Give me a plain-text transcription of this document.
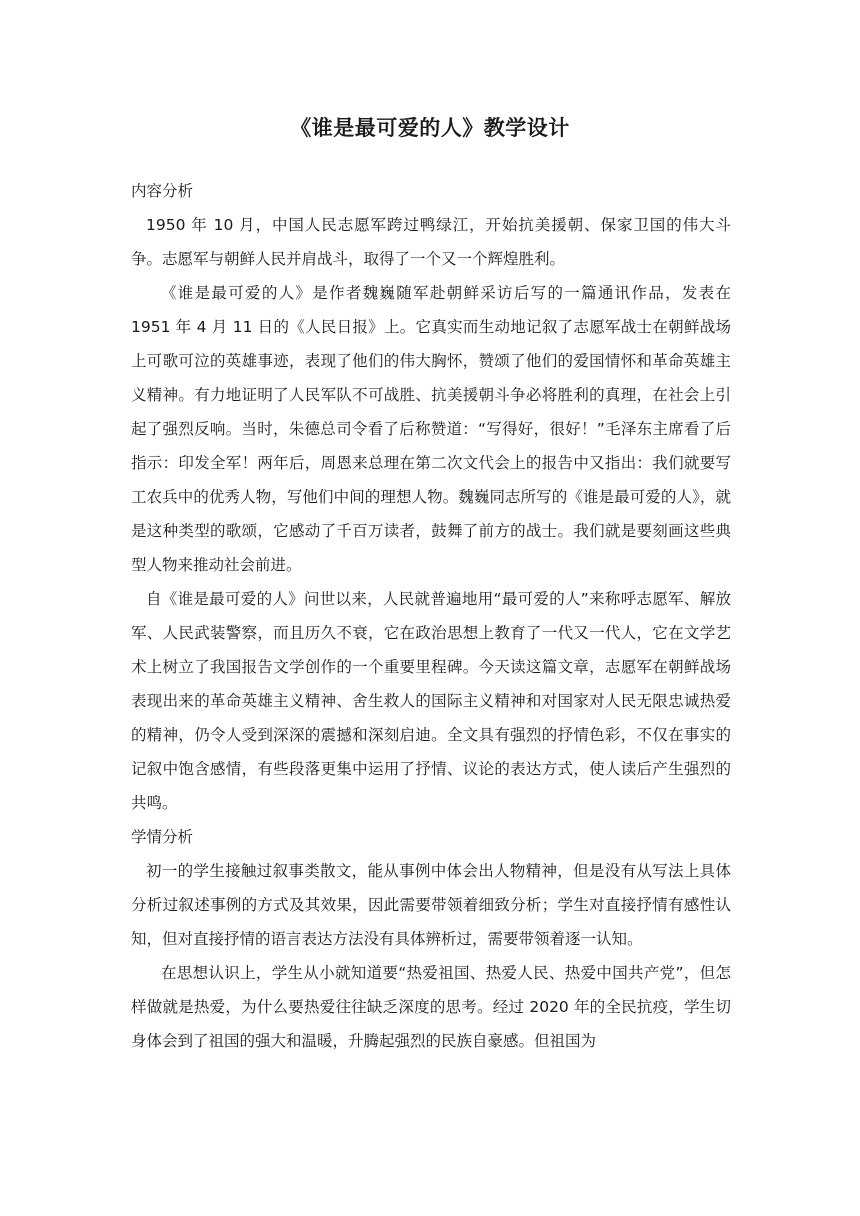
《谁是最可爱的人》教学设计

内容分析

1950 年 10 月，中国人民志愿军跨过鸭绿江，开始抗美援朝、保家卫国的伟大斗争。志愿军与朝鲜人民并肩战斗，取得了一个又一个辉煌胜利。

《谁是最可爱的人》是作者魏巍随军赴朝鲜采访后写的一篇通讯作品，发表在 1951 年 4 月 11 日的《人民日报》上。它真实而生动地记叙了志愿军战士在朝鲜战场上可歌可泣的英雄事迹，表现了他们的伟大胸怀，赞颂了他们的爱国情怀和革命英雄主义精神。有力地证明了人民军队不可战胜、抗美援朝斗争必将胜利的真理，在社会上引起了强烈反响。当时，朱德总司令看了后称赞道：“写得好，很好！”毛泽东主席看了后指示：印发全军！两年后，周恩来总理在第二次文代会上的报告中又指出：我们就要写工农兵中的优秀人物，写他们中间的理想人物。魏巍同志所写的《谁是最可爱的人》，就是这种类型的歌颂，它感动了千百万读者，鼓舞了前方的战士。我们就是要刻画这些典型人物来推动社会前进。

自《谁是最可爱的人》问世以来，人民就普遍地用“最可爱的人”来称呼志愿军、解放军、人民武装警察，而且历久不衰，它在政治思想上教育了一代又一代人，它在文学艺术上树立了我国报告文学创作的一个重要里程碑。今天读这篇文章，志愿军在朝鲜战场表现出来的革命英雄主义精神、舍生救人的国际主义精神和对国家对人民无限忠诚热爱的精神，仍令人受到深深的震撼和深刻启迪。全文具有强烈的抒情色彩，不仅在事实的记叙中饱含感情，有些段落更集中运用了抒情、议论的表达方式，使人读后产生强烈的共鸣。

学情分析

初一的学生接触过叙事类散文，能从事例中体会出人物精神，但是没有从写法上具体分析过叙述事例的方式及其效果，因此需要带领着细致分析；学生对直接抒情有感性认知，但对直接抒情的语言表达方法没有具体辨析过，需要带领着逐一认知。

在思想认识上，学生从小就知道要“热爱祖国、热爱人民、热爱中国共产党”，但怎样做就是热爱，为什么要热爱往往缺乏深度的思考。经过 2020 年的全民抗疫，学生切身体会到了祖国的强大和温暖，升腾起强烈的民族自豪感。但祖国为
